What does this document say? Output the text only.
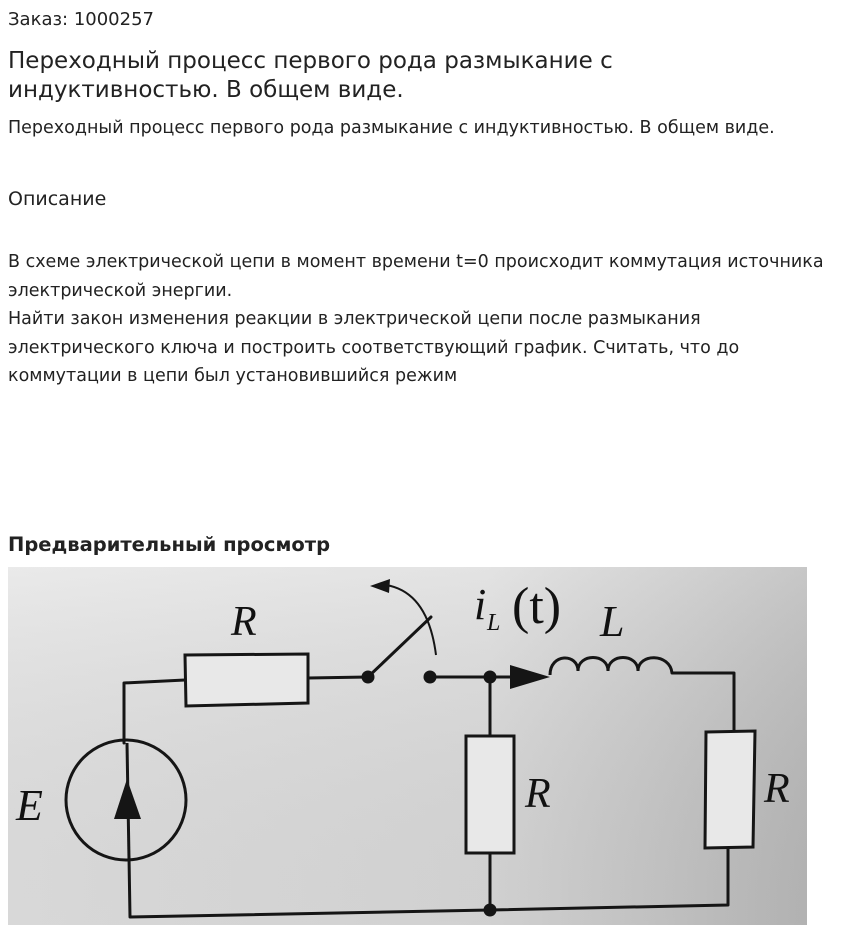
Заказ: 1000257
Переходный процесс первого рода размыкание с индуктивностью. В общем виде.

Переходный процесс первого рода размыкание с индуктивностью. В общем виде.

Описание
В схеме электрической цепи в момент времени t=0 происходит коммутация источника электрической энергии.
Найти закон изменения реакции в электрической цепи после размыкания электрического ключа и построить соответствующий график. Считать, что до коммутации в цепи был установившийся режим
Предварительный просмотр
R
R	R
E
L
i L (t)
